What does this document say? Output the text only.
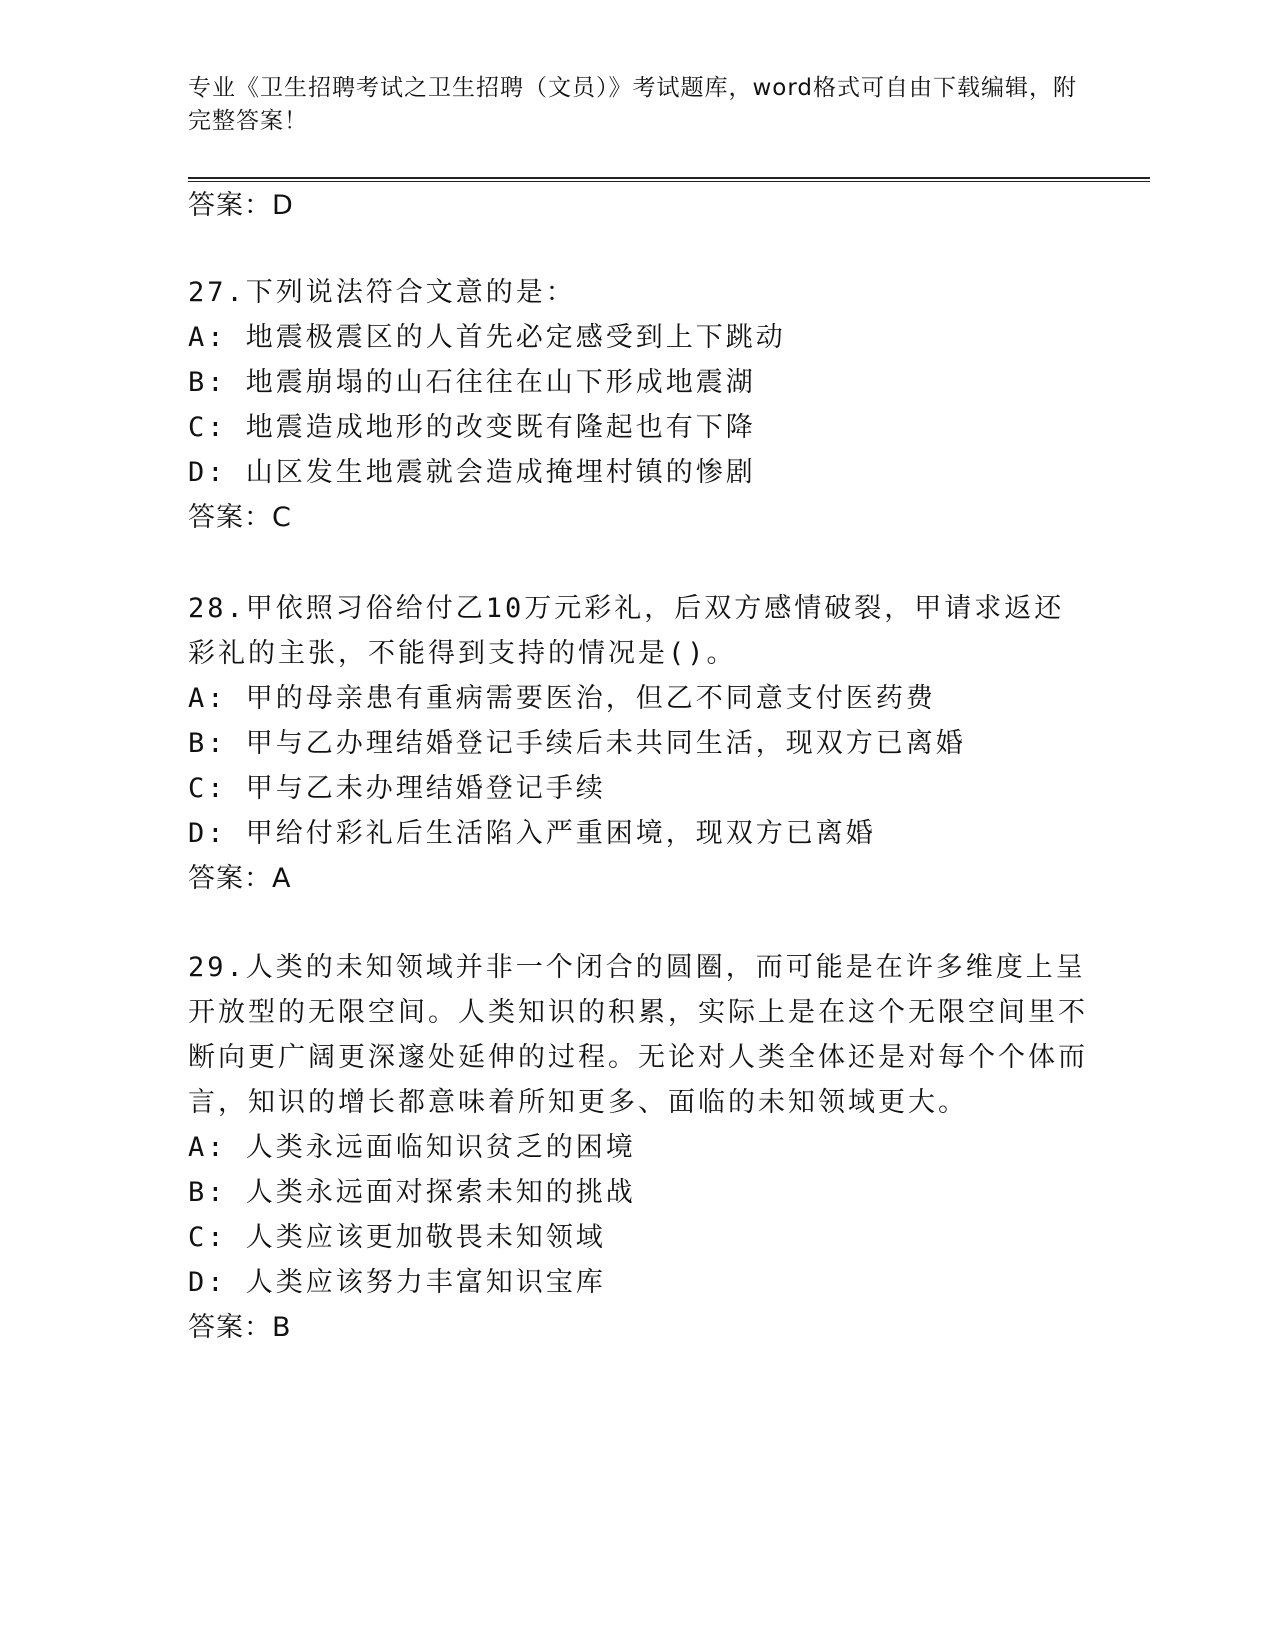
专业《卫生招聘考试之卫生招聘（文员）》考试题库，word格式可自由下载编辑，附完整答案！
答案：D

27.下列说法符合文意的是：

A: 地震极震区的人首先必定感受到上下跳动

B: 地震崩塌的山石往往在山下形成地震湖

C: 地震造成地形的改变既有隆起也有下降

D: 山区发生地震就会造成掩埋村镇的惨剧

答案：C

28.甲依照习俗给付乙10万元彩礼，后双方感情破裂，甲请求返还彩礼的主张，不能得到支持的情况是()。

A: 甲的母亲患有重病需要医治，但乙不同意支付医药费

B: 甲与乙办理结婚登记手续后未共同生活，现双方已离婚

C: 甲与乙未办理结婚登记手续

D: 甲给付彩礼后生活陷入严重困境，现双方已离婚

答案：A

29.人类的未知领域并非一个闭合的圆圈，而可能是在许多维度上呈开放型的无限空间。人类知识的积累，实际上是在这个无限空间里不断向更广阔更深邃处延伸的过程。无论对人类全体还是对每个个体而言，知识的增长都意味着所知更多、面临的未知领域更大。

A: 人类永远面临知识贫乏的困境

B: 人类永远面对探索未知的挑战

C: 人类应该更加敬畏未知领域

D: 人类应该努力丰富知识宝库

答案：B
